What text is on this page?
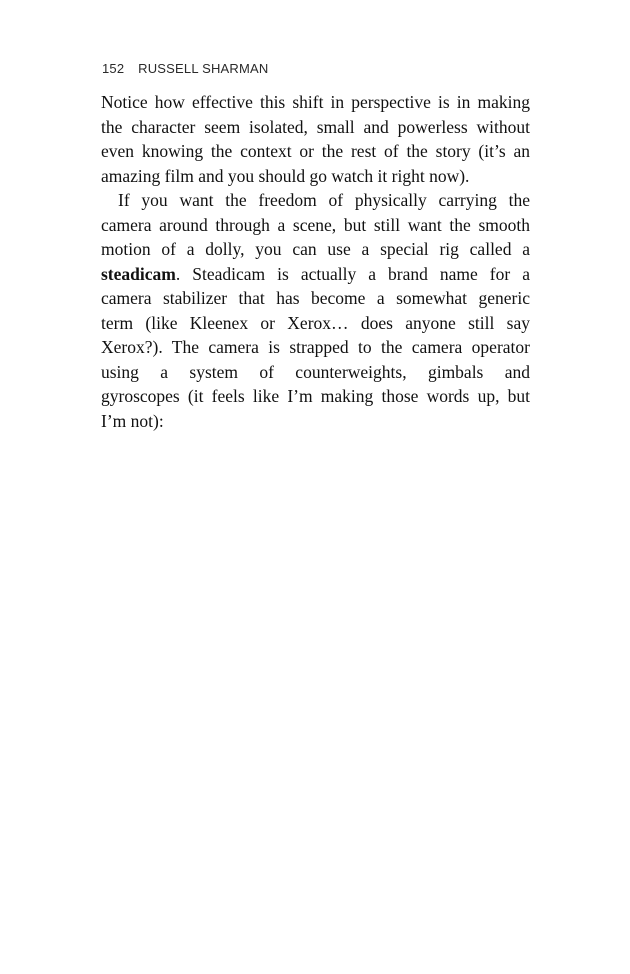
152 RUSSELL SHARMAN

Notice how effective this shift in perspective is in making
the character seem isolated, small and powerless without
even knowing the context or the rest of the story (it’s an
amazing film and you should go watch it right now).

If you want the freedom of physically carrying the
camera around through a scene, but still want the smooth
motion of a dolly, you can use a special rig called a
steadicam. Steadicam is actually a brand name for a
camera stabilizer that has become a somewhat generic
term (like Kleenex or Xerox… does anyone still say
Xerox?). The camera is strapped to the camera operator
using a system of counterweights, gimbals and
gyroscopes (it feels like I’m making those words up, but
I’m not):
